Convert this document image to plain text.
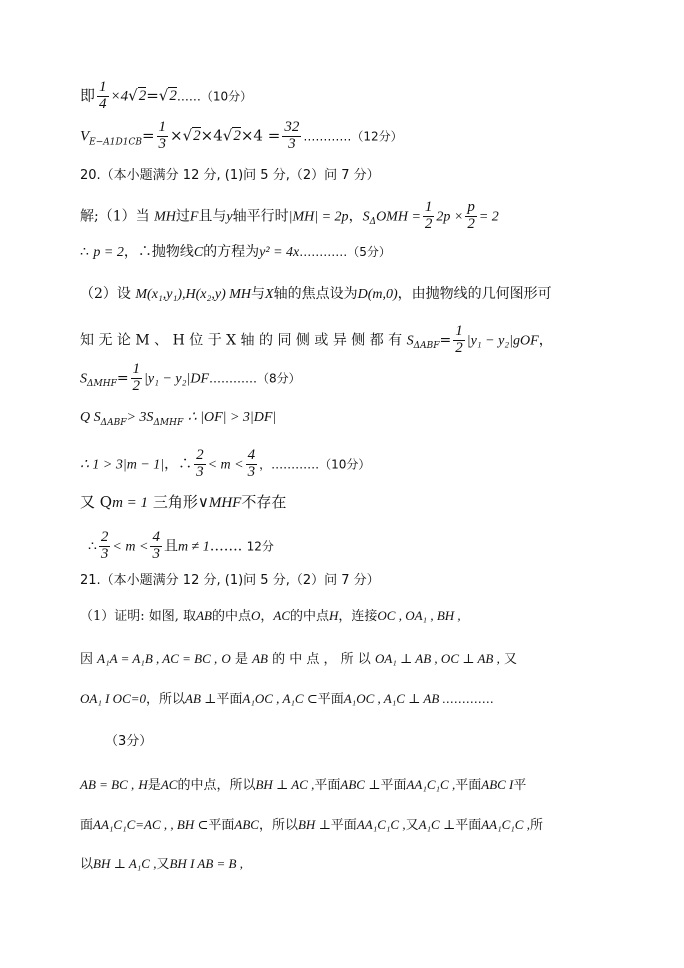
即 $\frac{1}{4}$ ×4√2=√2……（10分）
$V_{E-A1D1CB}= \frac{1}{3} \times√2\times 4√2\times 4 = \frac{32}{3}$ …………（12分）
20.（本小题满分 12 分, (1)问 5 分,（2）问 7 分）
解;（1）当 MH过F且与y轴平行时|MH| = 2p，$S_\Delta OMH = \frac{1}{2} 2p \times \frac{p}{2} = 2$
∴ p = 2，∴抛物线C的方程为y² = 4x…………（5分）
（2）设 M(x₁,y₁),H(x₂,y) MH与X轴的焦点设为D(m,0)，由抛物线的几何图形可
知 无 论 M 、 H 位 于 X 轴 的 同 侧 或 异 侧 都 有 $S_{\Delta ABF}= \frac{1}{2} |y_1 - y_2|gOF$，
$S_{\Delta MHF}= \frac{1}{2} |y_1$ − y₂|DF…………（8分）
Q $S_{\Delta ABF}> 3S_{\Delta MHF}$ ∴ |OF| > 3|DF|
∴ 1 > 3|m − 1|，∴ $\frac{2}{3} < m < \frac{4}{3}$ ，…………（10分）
又 Qm = 1 三角形∨MHF不存在
∴ $\frac{2}{3} < m < \frac{4}{3}$ 且m ≠ 1……. 12分
21.（本小题满分 12 分, (1)问 5 分,（2）问 7 分）
（1）证明: 如图, 取AB的中点O，AC的中点H，连接OC , OA₁ , BH ,
因 A₁A = A₁B , AC = BC , O 是 AB 的 中 点 ， 所 以 OA₁ ⊥ AB , OC ⊥ AB , 又
OA₁ I OC=0，所以AB ⊥平面A₁OC , A₁C ⊂平面A₁OC , A₁C ⊥ AB .…………
（3分）
AB = BC , H是AC的中点，所以BH ⊥ AC ,平面ABC ⊥平面AA₁C₁C ,平面ABC I平
面AA₁C₁C=AC , , BH ⊂平面ABC，所以BH ⊥平面AA₁C₁C ,又A₁C ⊥平面AA₁C₁C ,所
以BH ⊥ A₁C ,又BH I AB = B ,
